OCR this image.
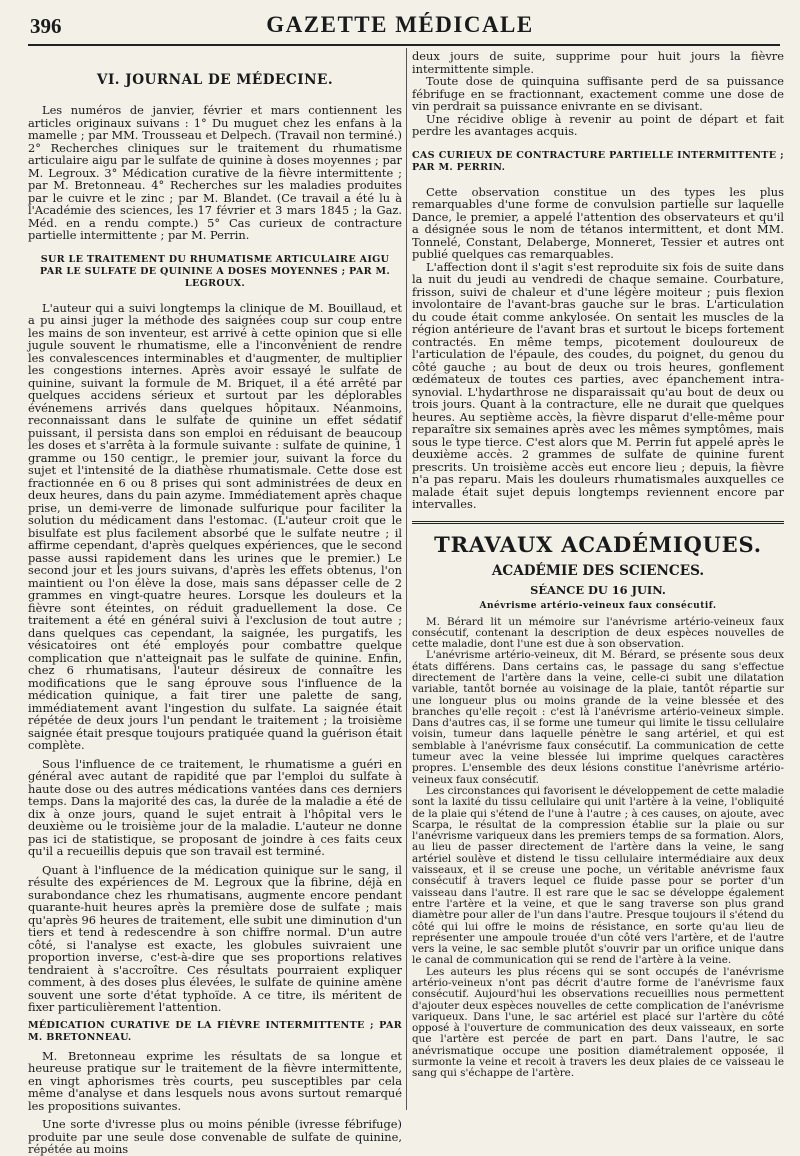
396	GAZETTE MÉDICALE
VI. JOURNAL DE MÉDECINE.

Les numéros de janvier, février et mars contiennent les articles originaux suivans : 1° Du muguet chez les enfans à la mamelle ; par MM. Trousseau et Delpech. (Travail non terminé.) 2° Recherches cliniques sur le traitement du rhumatisme articulaire aigu par le sulfate de quinine à doses moyennes ; par M. Legroux. 3° Médication curative de la fièvre intermittente ; par M. Bretonneau. 4° Recherches sur les maladies produites par le cuivre et le zinc ; par M. Blandet. (Ce travail a été lu à l'Académie des sciences, les 17 février et 3 mars 1845 ; la Gaz. Méd. en a rendu compte.) 5° Cas curieux de contracture partielle intermittente ; par M. Perrin.

SUR LE TRAITEMENT DU RHUMATISME ARTICULAIRE AIGU PAR LE SULFATE DE QUININE A DOSES MOYENNES ; PAR M. LEGROUX.

L'auteur qui a suivi longtemps la clinique de M. Bouillaud, et a pu ainsi juger la méthode des saignées coup sur coup entre les mains de son inventeur, est arrivé à cette opinion que si elle jugule souvent le rhumatisme, elle a l'inconvénient de rendre les convalescences interminables et d'augmenter, de multiplier les congestions internes. Après avoir essayé le sulfate de quinine, suivant la formule de M. Briquet, il a été arrêté par quelques accidens sérieux et surtout par les déplorables événemens arrivés dans quelques hôpitaux. Néanmoins, reconnaissant dans le sulfate de quinine un effet sédatif puissant, il persista dans son emploi en réduisant de beaucoup les doses et s'arrêta à la formule suivante : sulfate de quinine, 1 gramme ou 150 centigr., le premier jour, suivant la force du sujet et l'intensité de la diathèse rhumatismale. Cette dose est fractionnée en 6 ou 8 prises qui sont administrées de deux en deux heures, dans du pain azyme. Immédiatement après chaque prise, un demi-verre de limonade sulfurique pour faciliter la solution du médicament dans l'estomac. (L'auteur croit que le bisulfate est plus facilement absorbé que le sulfate neutre ; il affirme cependant, d'après quelques expériences, que le second passe aussi rapidement dans les urines que le premier.) Le second jour et les jours suivans, d'après les effets obtenus, l'on maintient ou l'on élève la dose, mais sans dépasser celle de 2 grammes en vingt-quatre heures. Lorsque les douleurs et la fièvre sont éteintes, on réduit graduellement la dose. Ce traitement a été en général suivi à l'exclusion de tout autre ; dans quelques cas cependant, la saignée, les purgatifs, les vésicatoires ont été employés pour combattre quelque complication que n'atteignait pas le sulfate de quinine. Enfin, chez 6 rhumatisans, l'auteur désireux de connaître les modifications que le sang éprouve sous l'influence de la médication quinique, a fait tirer une palette de sang, immédiatement avant l'ingestion du sulfate. La saignée était répétée de deux jours l'un pendant le traitement ; la troisième saignée était presque toujours pratiquée quand la guérison était complète.

Sous l'influence de ce traitement, le rhumatisme a guéri en général avec autant de rapidité que par l'emploi du sulfate à haute dose ou des autres médications vantées dans ces derniers temps. Dans la majorité des cas, la durée de la maladie a été de dix à onze jours, quand le sujet entrait à l'hôpital vers le deuxième ou le troisième jour de la maladie. L'auteur ne donne pas ici de statistique, se proposant de joindre à ces faits ceux qu'il a recueillis depuis que son travail est terminé.

Quant à l'influence de la médication quinique sur le sang, il résulte des expériences de M. Legroux que la fibrine, déjà en surabondance chez les rhumatisans, augmente encore pendant quarante-huit heures après la première dose de sulfate ; mais qu'après 96 heures de traitement, elle subit une diminution d'un tiers et tend à redescendre à son chiffre normal. D'un autre côté, si l'analyse est exacte, les globules suivraient une proportion inverse, c'est-à-dire que ses proportions relatives tendraient à s'accroître. Ces résultats pourraient expliquer comment, à des doses plus élevées, le sulfate de quinine amène souvent une sorte d'état typhoïde. A ce titre, ils méritent de fixer particulièrement l'attention.

MÉDICATION CURATIVE DE LA FIÈVRE INTERMITTENTE ; PAR M. BRETONNEAU.

M. Bretonneau exprime les résultats de sa longue et heureuse pratique sur le traitement de la fièvre intermittente, en vingt aphorismes très courts, peu susceptibles par cela même d'analyse et dans lesquels nous avons surtout remarqué les propositions suivantes.

Une sorte d'ivresse plus ou moins pénible (ivresse fébrifuge) produite par une seule dose convenable de sulfate de quinine, répétée au moins

deux jours de suite, supprime pour huit jours la fièvre intermittente simple.

Toute dose de quinquina suffisante perd de sa puissance fébrifuge en se fractionnant, exactement comme une dose de vin perdrait sa puissance enivrante en se divisant.

Une récidive oblige à revenir au point de départ et fait perdre les avantages acquis.

CAS CURIEUX DE CONTRACTURE PARTIELLE INTERMITTENTE ; PAR M. PERRIN.

Cette observation constitue un des types les plus remarquables d'une forme de convulsion partielle sur laquelle Dance, le premier, a appelé l'attention des observateurs et qu'il a désignée sous le nom de tétanos intermittent, et dont MM. Tonnelé, Constant, Delaberge, Monneret, Tessier et autres ont publié quelques cas remarquables.

L'affection dont il s'agit s'est reproduite six fois de suite dans la nuit du jeudi au vendredi de chaque semaine. Courbature, frisson, suivi de chaleur et d'une légère moiteur ; puis flexion involontaire de l'avant-bras gauche sur le bras. L'articulation du coude était comme ankylosée. On sentait les muscles de la région antérieure de l'avant bras et surtout le biceps fortement contractés. En même temps, picotement douloureux de l'articulation de l'épaule, des coudes, du poignet, du genou du côté gauche ; au bout de deux ou trois heures, gonflement œdémateux de toutes ces parties, avec épanchement intra-synovial. L'hydarthrose ne disparaissait qu'au bout de deux ou trois jours. Quant à la contracture, elle ne durait que quelques heures. Au septième accès, la fièvre disparut d'elle-même pour reparaître six semaines après avec les mêmes symptômes, mais sous le type tierce. C'est alors que M. Perrin fut appelé après le deuxième accès. 2 grammes de sulfate de quinine furent prescrits. Un troisième accès eut encore lieu ; depuis, la fièvre n'a pas reparu. Mais les douleurs rhumatismales auxquelles ce malade était sujet depuis longtemps reviennent encore par intervalles.

TRAVAUX ACADÉMIQUES.
ACADÉMIE DES SCIENCES.
SÉANCE DU 16 JUIN.
Anévrisme artério-veineux faux consécutif.

M. Bérard lit un mémoire sur l'anévrisme artério-veineux faux consécutif, contenant la description de deux espèces nouvelles de cette maladie, dont l'une est due à son observation.

L'anévrisme artério-veineux, dit M. Bérard, se présente sous deux états différens. Dans certains cas, le passage du sang s'effectue directement de l'artère dans la veine, celle-ci subit une dilatation variable, tantôt bornée au voisinage de la plaie, tantôt répartie sur une longueur plus ou moins grande de la veine blessée et des branches qu'elle reçoit : c'est là l'anévrisme artério-veineux simple. Dans d'autres cas, il se forme une tumeur qui limite le tissu cellulaire voisin, tumeur dans laquelle pénètre le sang artériel, et qui est semblable à l'anévrisme faux consécutif. La communication de cette tumeur avec la veine blessée lui imprime quelques caractères propres. L'ensemble des deux lésions constitue l'anévrisme artério-veineux faux consécutif.

Les circonstances qui favorisent le développement de cette maladie sont la laxité du tissu cellulaire qui unit l'artère à la veine, l'obliquité de la plaie qui s'étend de l'une à l'autre ; à ces causes, on ajoute, avec Scarpa, le résultat de la compression établie sur la plaie ou sur l'anévrisme variqueux dans les premiers temps de sa formation. Alors, au lieu de passer directement de l'artère dans la veine, le sang artériel soulève et distend le tissu cellulaire intermédiaire aux deux vaisseaux, et il se creuse une poche, un véritable anévrisme faux consécutif à travers lequel ce fluide passe pour se porter d'un vaisseau dans l'autre. Il est rare que le sac se développe également entre l'artère et la veine, et que le sang traverse son plus grand diamètre pour aller de l'un dans l'autre. Presque toujours il s'étend du côté qui lui offre le moins de résistance, en sorte qu'au lieu de représenter une ampoule trouée d'un côté vers l'artère, et de l'autre vers la veine, le sac semble plutôt s'ouvrir par un orifice unique dans le canal de communication qui se rend de l'artère à la veine.

Les auteurs les plus récens qui se sont occupés de l'anévrisme artério-veineux n'ont pas décrit d'autre forme de l'anévrisme faux consécutif. Aujourd'hui les observations recueillies nous permettent d'ajouter deux espèces nouvelles de cette complication de l'anévrisme variqueux. Dans l'une, le sac artériel est placé sur l'artère du côté opposé à l'ouverture de communication des deux vaisseaux, en sorte que l'artère est percée de part en part. Dans l'autre, le sac anévrismatique occupe une position diamétralement opposée, il surmonte la veine et recoit à travers les deux plaies de ce vaisseau le sang qui s'échappe de l'artère.
